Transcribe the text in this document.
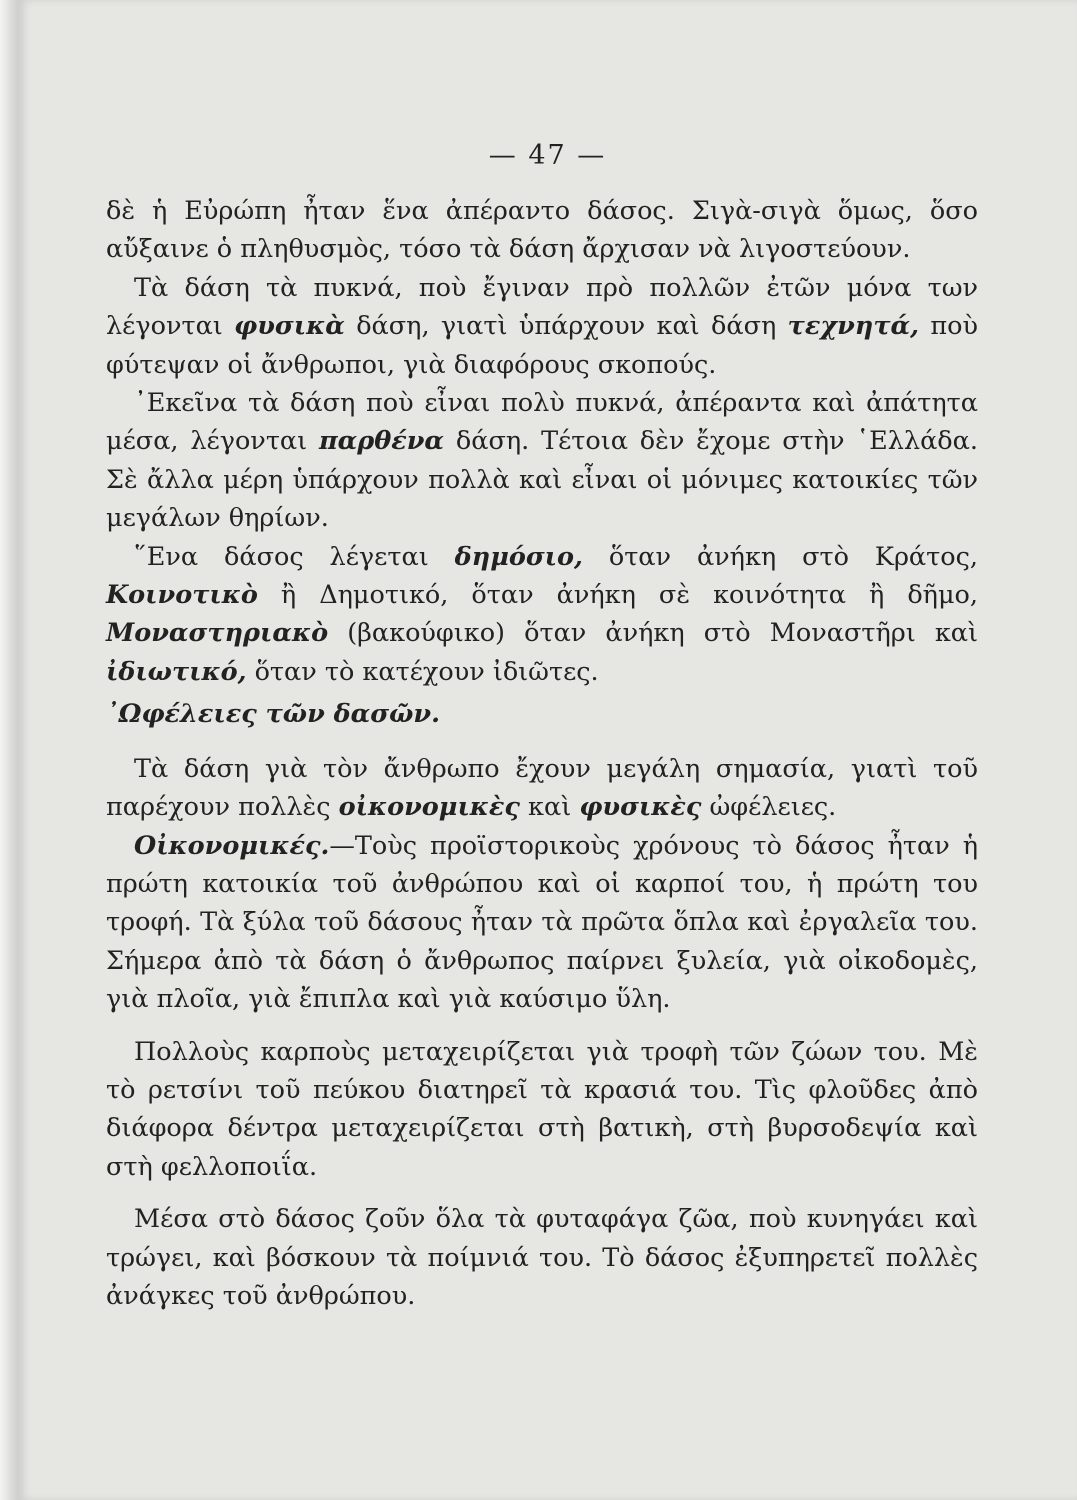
— 47 —

δὲ ἡ Εὐρώπη ἦταν ἕνα ἀπέραντο δάσος. Σιγὰ-σιγὰ ὅμως, ὅσο αὔξαινε ὁ πληθυσμὸς, τόσο τὰ δάση ἄρχισαν νὰ λιγοστεύουν.

Τὰ δάση τὰ πυκνά, ποὺ ἔγιναν πρὸ πολλῶν ἐτῶν μόνα των λέγονται φυσικὰ δάση, γιατὶ ὑπάρχουν καὶ δάση τεχνητά, ποὺ φύτεψαν οἱ ἄνθρωποι, γιὰ διαφόρους σκοπούς.

᾿Εκεῖνα τὰ δάση ποὺ εἶναι πολὺ πυκνά, ἀπέραντα καὶ ἀπάτητα μέσα, λέγονται παρθένα δάση. Τέτοια δὲν ἔχομε στὴν ῾Ελλάδα. Σὲ ἄλλα μέρη ὑπάρχουν πολλὰ καὶ εἶναι οἱ μόνιμες κατοικίες τῶν μεγάλων θηρίων.

῞Ενα δάσος λέγεται δημόσιο, ὅταν ἀνήκη στὸ Κράτος, Κοινοτικὸ ἢ Δημοτικό, ὅταν ἀνήκη σὲ κοινότητα ἢ δῆμο, Μοναστηριακὸ (βακούφικο) ὅταν ἀνήκη στὸ Μοναστῆρι καὶ ἰδιωτικό, ὅταν τὸ κατέχουν ἰδιῶτες.

᾿Ωφέλειες τῶν δασῶν.

Τὰ δάση γιὰ τὸν ἄνθρωπο ἔχουν μεγάλη σημασία, γιατὶ τοῦ παρέχουν πολλὲς οἰκονομικὲς καὶ φυσικὲς ὠφέλειες.

Οἰκονομικές.—Τοὺς προϊστορικοὺς χρόνους τὸ δάσος ἦταν ἡ πρώτη κατοικία τοῦ ἀνθρώπου καὶ οἱ καρποί του, ἡ πρώτη του τροφή. Τὰ ξύλα τοῦ δάσους ἦταν τὰ πρῶτα ὅπλα καὶ ἐργαλεῖα του. Σήμερα ἀπὸ τὰ δάση ὁ ἄνθρωπος παίρνει ξυλεία, γιὰ οἰκοδομὲς, γιὰ πλοῖα, γιὰ ἔπιπλα καὶ γιὰ καύσιμο ὕλη.

Πολλοὺς καρποὺς μεταχειρίζεται γιὰ τροφὴ τῶν ζώων του. Μὲ τὸ ρετσίνι τοῦ πεύκου διατηρεῖ τὰ κρασιά του. Τὶς φλοῦδες ἀπὸ διάφορα δέντρα μεταχειρίζεται στὴ βατικὴ, στὴ βυρσοδεψία καὶ στὴ φελλοποιΐα.

Μέσα στὸ δάσος ζοῦν ὅλα τὰ φυταφάγα ζῶα, ποὺ κυνηγάει καὶ τρώγει, καὶ βόσκουν τὰ ποίμνιά του. Τὸ δάσος ἐξυπηρετεῖ πολλὲς ἀνάγκες τοῦ ἀνθρώπου.
